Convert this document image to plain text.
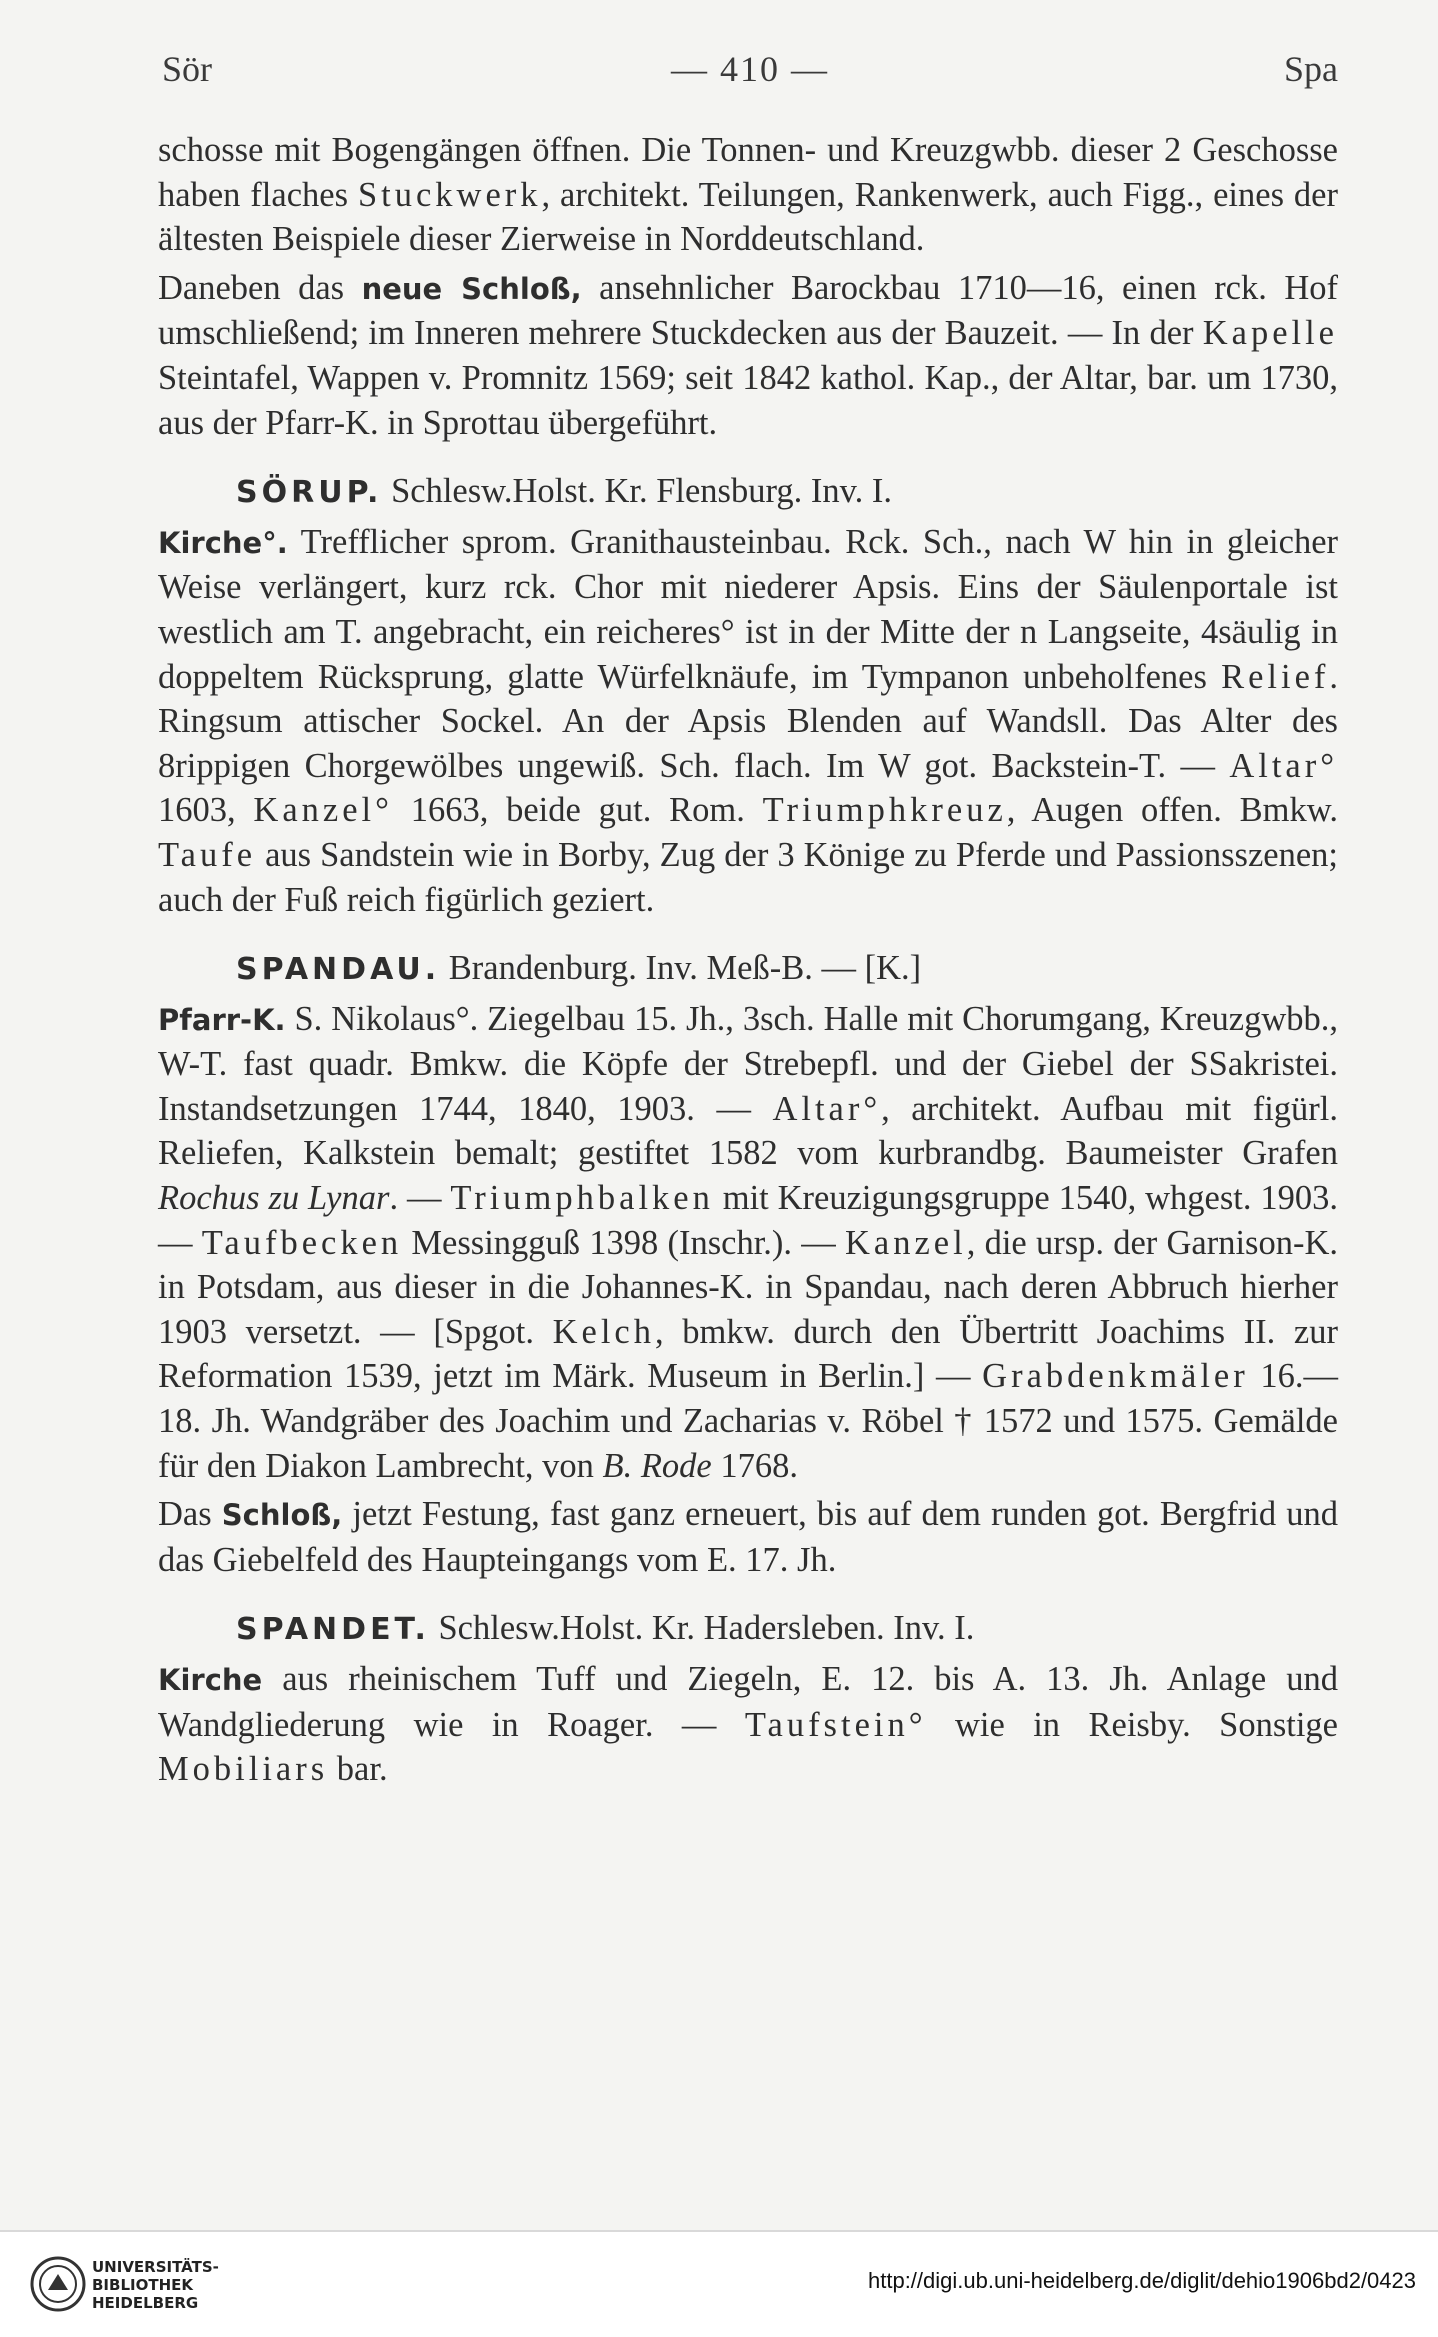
Sör	— 410 —	Spa

schosse mit Bogengängen öffnen. Die Tonnen- und Kreuzgwbb. dieser 2 Geschosse haben flaches Stuckwerk, architekt. Teilungen, Rankenwerk, auch Figg., eines der ältesten Beispiele dieser Zierweise in Norddeutschland.

Daneben das neue Schloß, ansehnlicher Barockbau 1710—16, einen rck. Hof umschließend; im Inneren mehrere Stuckdecken aus der Bauzeit. — In der Kapelle Steintafel, Wappen v. Promnitz 1569; seit 1842 kathol. Kap., der Altar, bar. um 1730, aus der Pfarr-K. in Sprottau übergeführt.

SÖRUP. Schlesw.Holst. Kr. Flensburg. Inv. I.

Kirche°. Trefflicher sprom. Granithausteinbau. Rck. Sch., nach W hin in gleicher Weise verlängert, kurz rck. Chor mit niederer Apsis. Eins der Säulenportale ist westlich am T. angebracht, ein reicheres° ist in der Mitte der n Langseite, 4säulig in doppeltem Rücksprung, glatte Würfelknäufe, im Tympanon unbeholfenes Relief. Ringsum attischer Sockel. An der Apsis Blenden auf Wandsll. Das Alter des 8rippigen Chorgewölbes ungewiß. Sch. flach. Im W got. Backstein-T. — Altar° 1603, Kanzel° 1663, beide gut. Rom. Triumphkreuz, Augen offen. Bmkw. Taufe aus Sandstein wie in Borby, Zug der 3 Könige zu Pferde und Passionsszenen; auch der Fuß reich figürlich geziert.

SPANDAU. Brandenburg. Inv. Meß-B. — [K.]

Pfarr-K. S. Nikolaus°. Ziegelbau 15. Jh., 3sch. Halle mit Chorumgang, Kreuzgwbb., W-T. fast quadr. Bmkw. die Köpfe der Strebepfl. und der Giebel der SSakristei. Instandsetzungen 1744, 1840, 1903. — Altar°, architekt. Aufbau mit figürl. Reliefen, Kalkstein bemalt; gestiftet 1582 vom kurbrandbg. Baumeister Grafen Rochus zu Lynar. — Triumphbalken mit Kreuzigungsgruppe 1540, whgest. 1903. — Taufbecken Messingguß 1398 (Inschr.). — Kanzel, die ursp. der Garnison-K. in Potsdam, aus dieser in die Johannes-K. in Spandau, nach deren Abbruch hierher 1903 versetzt. — [Spgot. Kelch, bmkw. durch den Übertritt Joachims II. zur Reformation 1539, jetzt im Märk. Museum in Berlin.] — Grabdenkmäler 16.—18. Jh. Wandgräber des Joachim und Zacharias v. Röbel † 1572 und 1575. Gemälde für den Diakon Lambrecht, von B. Rode 1768.

Das Schloß, jetzt Festung, fast ganz erneuert, bis auf dem runden got. Bergfrid und das Giebelfeld des Haupteingangs vom E. 17. Jh.

SPANDET. Schlesw.Holst. Kr. Hadersleben. Inv. I.

Kirche aus rheinischem Tuff und Ziegeln, E. 12. bis A. 13. Jh. Anlage und Wandgliederung wie in Roager. — Taufstein° wie in Reisby. Sonstige Mobiliars bar.

UNIVERSITÄTS-
BIBLIOTHEK
HEIDELBERG
http://digi.ub.uni-heidelberg.de/diglit/dehio1906bd2/0423
